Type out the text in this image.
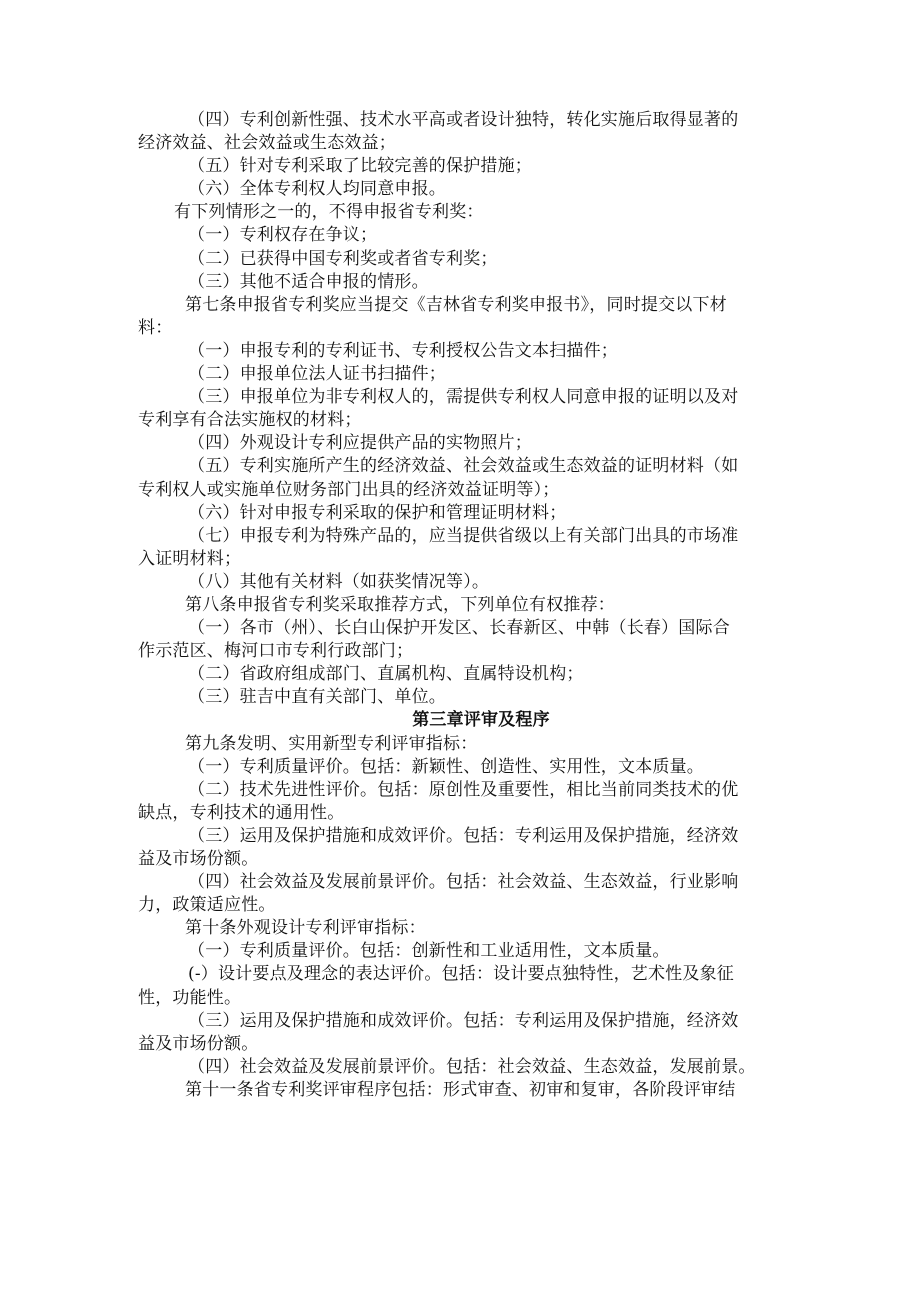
（四）专利创新性强、技术水平高或者设计独特，转化实施后取得显著的
经济效益、社会效益或生态效益；
（五）针对专利采取了比较完善的保护措施；
（六）全体专利权人均同意申报。
有下列情形之一的，不得申报省专利奖：
（一）专利权存在争议；
（二）已获得中国专利奖或者省专利奖；
（三）其他不适合申报的情形。
第七条申报省专利奖应当提交《吉林省专利奖申报书》，同时提交以下材
料：
（一）申报专利的专利证书、专利授权公告文本扫描件；
（二）申报单位法人证书扫描件；
（三）申报单位为非专利权人的，需提供专利权人同意申报的证明以及对
专利享有合法实施权的材料；
（四）外观设计专利应提供产品的实物照片；
（五）专利实施所产生的经济效益、社会效益或生态效益的证明材料（如
专利权人或实施单位财务部门出具的经济效益证明等）；
（六）针对申报专利采取的保护和管理证明材料；
（七）申报专利为特殊产品的，应当提供省级以上有关部门出具的市场准
入证明材料；
（八）其他有关材料（如获奖情况等）。
第八条申报省专利奖采取推荐方式，下列单位有权推荐：
（一）各市（州）、长白山保护开发区、长春新区、中韩（长春）国际合
作示范区、梅河口市专利行政部门；
（二）省政府组成部门、直属机构、直属特设机构；
（三）驻吉中直有关部门、单位。
第三章评审及程序
第九条发明、实用新型专利评审指标：
（一）专利质量评价。包括：新颖性、创造性、实用性，文本质量。
（二）技术先进性评价。包括：原创性及重要性，相比当前同类技术的优
缺点，专利技术的通用性。
（三）运用及保护措施和成效评价。包括：专利运用及保护措施，经济效
益及市场份额。
（四）社会效益及发展前景评价。包括：社会效益、生态效益，行业影响
力，政策适应性。
第十条外观设计专利评审指标：
（一）专利质量评价。包括：创新性和工业适用性，文本质量。
(-）设计要点及理念的表达评价。包括：设计要点独特性，艺术性及象征
性，功能性。
（三）运用及保护措施和成效评价。包括：专利运用及保护措施，经济效
益及市场份额。
（四）社会效益及发展前景评价。包括：社会效益、生态效益，发展前景。
第十一条省专利奖评审程序包括：形式审查、初审和复审，各阶段评审结
